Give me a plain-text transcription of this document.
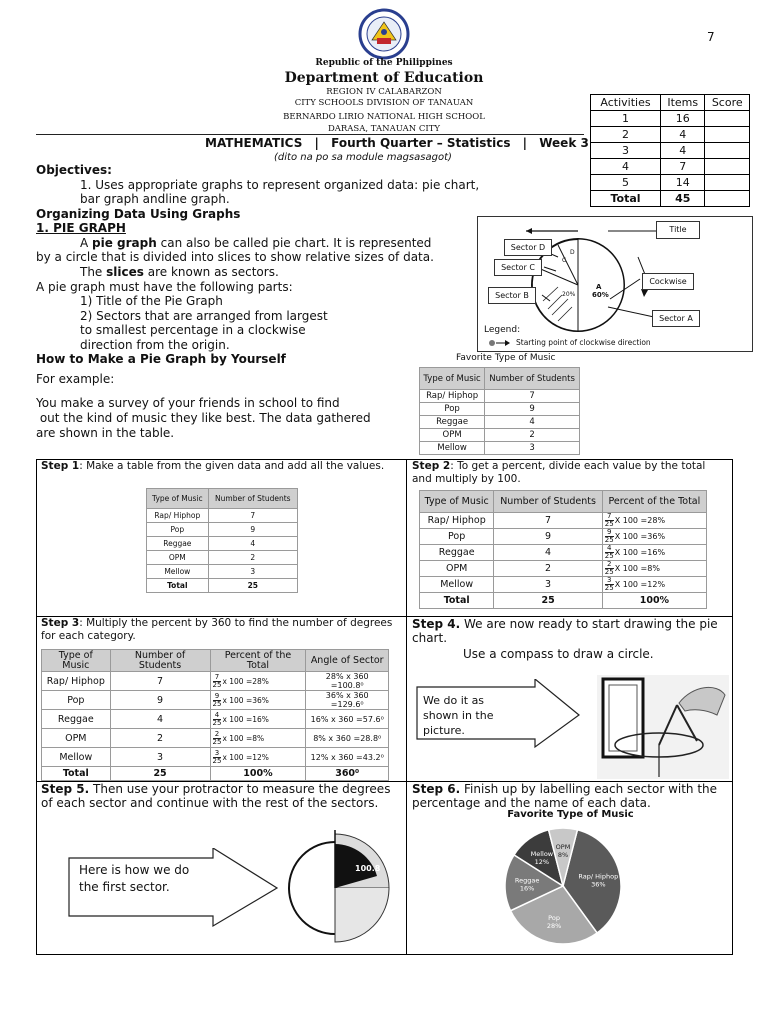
7
Republic of the Philippines
Department of Education
REGION IV CALABARZON
CITY SCHOOLS DIVISION OF TANAUAN
BERNARDO LIRIO NATIONAL HIGH SCHOOL
DARASA, TANAUAN CITY
Activities	Items	Score
1	16	
2	4	
3	4	
4	7	
5	14	
Total	45	
MATHEMATICS | Fourth Quarter – Statistics | Week 3
(dito na po sa module magsasagot)
Objectives:
1. Uses appropriate graphs to represent organized data: pie chart,
bar graph andline graph.
Organizing Data Using Graphs
1. PIE GRAPH
A pie graph can also be called pie chart. It is represented
by a circle that is divided into slices to show relative sizes of data.
The slices are known as sectors.
A pie graph must have the following parts:
1) Title of the Pie Graph
2) Sectors that are arranged from largest
to smallest percentage in a clockwise
direction from the origin.
Title
Sector D
Sector C
Sector B
Cockwise
Sector A
A
60%
20%
C
D
Legend:
Starting point of clockwise direction
How to Make a Pie Graph by Yourself
For example:
You make a survey of your friends in school to find
out the kind of music they like best. The data gathered
are shown in the table.
Favorite Type of Music
Type of Music	Number of Students
Rap/ Hiphop	7
Pop	9
Reggae	4
OPM	2
Mellow	3
Step 1: Make a table from the given data and add all the values.
Type of Music	Number of Students
Rap/ Hiphop	7
Pop	9
Reggae	4
OPM	2
Mellow	3
Total	25
Step 2: To get a percent, divide each value by the total and multiply by 100.
Type of Music	Number of Students	Percent of the Total
Rap/ Hiphop	7	$\frac{7}{25}$ X 100 =28%
Pop	9	$\frac{9}{25}$ X 100 =36%
Reggae	4	$\frac{4}{25}$ X 100 =16%
OPM	2	$\frac{2}{25}$ X 100 =8%
Mellow	3	$\frac{3}{25}$ X 100 =12%
Total	25	100%
Step 3: Multiply the percent by 360 to find the number of degrees for each category.
Type of Music	Number of Students	Percent of the Total	Angle of Sector
Rap/ Hiphop	7	$\frac{7}{25}$ x 100 =28%	28% x 360 =100.8⁰
Pop	9	$\frac{9}{25}$ x 100 =36%	36% x 360 =129.6⁰
Reggae	4	$\frac{4}{25}$ x 100 =16%	16% x 360 =57.6⁰
OPM	2	$\frac{2}{25}$ x 100 =8%	8% x 360 =28.8⁰
Mellow	3	$\frac{3}{25}$ x 100 =12%	12% x 360 =43.2⁰
Total	25	100%	360⁰
Step 4. We are now ready to start drawing the pie chart.
Use a compass to draw a circle.
We do it as shown in the picture.
Step 5. Then use your protractor to measure the degrees of each sector and continue with the rest of the sectors.
Here is how we do the first sector.
100.8
Step 6. Finish up by labelling each sector with the percentage and the name of each data.
Favorite Type of Music
Rap/ Hiphop
36%
Pop
28%
Reggae
16%
Mellow
12%
OPM
8%
